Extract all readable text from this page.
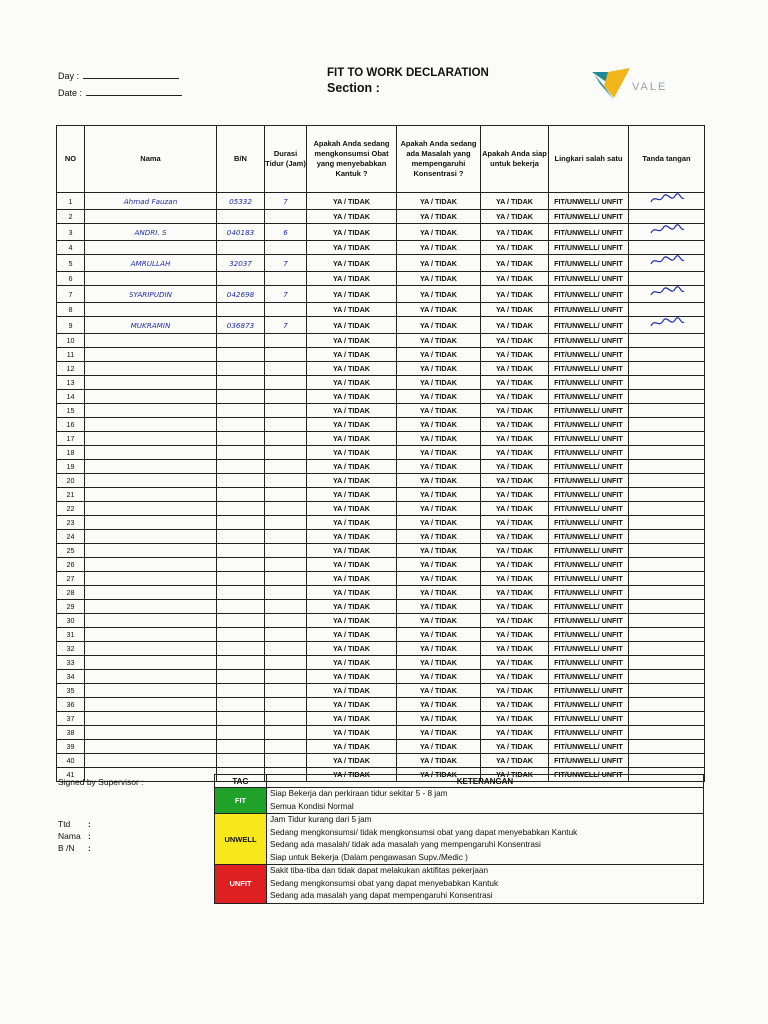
Day :
Date :
FIT TO WORK DECLARATION
Section :	VALE
NO	Nama	B/N	Durasi Tidur (Jam)	Apakah Anda sedang mengkonsumsi Obat yang menyebabkan Kantuk ?	Apakah Anda sedang ada Masalah yang mempengaruhi Konsentrasi ?	Apakah Anda siap untuk bekerja	Lingkari salah satu	Tanda tangan
1	Ahmad Fauzan	05332	7	YA / TIDAK	YA / TIDAK	YA / TIDAK	FIT/UNWELL/ UNFIT	
2				YA / TIDAK	YA / TIDAK	YA / TIDAK	FIT/UNWELL/ UNFIT	
3	ANDRI. S	040183	6	YA / TIDAK	YA / TIDAK	YA / TIDAK	FIT/UNWELL/ UNFIT	
4				YA / TIDAK	YA / TIDAK	YA / TIDAK	FIT/UNWELL/ UNFIT	
5	AMRULLAH	32037	7	YA / TIDAK	YA / TIDAK	YA / TIDAK	FIT/UNWELL/ UNFIT	
6				YA / TIDAK	YA / TIDAK	YA / TIDAK	FIT/UNWELL/ UNFIT	
7	SYARIPUDIN	042698	7	YA / TIDAK	YA / TIDAK	YA / TIDAK	FIT/UNWELL/ UNFIT	
8				YA / TIDAK	YA / TIDAK	YA / TIDAK	FIT/UNWELL/ UNFIT	
9	MUKRAMIN	036873	7	YA / TIDAK	YA / TIDAK	YA / TIDAK	FIT/UNWELL/ UNFIT	
10				YA / TIDAK	YA / TIDAK	YA / TIDAK	FIT/UNWELL/ UNFIT	
11				YA / TIDAK	YA / TIDAK	YA / TIDAK	FIT/UNWELL/ UNFIT	
12				YA / TIDAK	YA / TIDAK	YA / TIDAK	FIT/UNWELL/ UNFIT	
13				YA / TIDAK	YA / TIDAK	YA / TIDAK	FIT/UNWELL/ UNFIT	
14				YA / TIDAK	YA / TIDAK	YA / TIDAK	FIT/UNWELL/ UNFIT	
15				YA / TIDAK	YA / TIDAK	YA / TIDAK	FIT/UNWELL/ UNFIT	
16				YA / TIDAK	YA / TIDAK	YA / TIDAK	FIT/UNWELL/ UNFIT	
17				YA / TIDAK	YA / TIDAK	YA / TIDAK	FIT/UNWELL/ UNFIT	
18				YA / TIDAK	YA / TIDAK	YA / TIDAK	FIT/UNWELL/ UNFIT	
19				YA / TIDAK	YA / TIDAK	YA / TIDAK	FIT/UNWELL/ UNFIT	
20				YA / TIDAK	YA / TIDAK	YA / TIDAK	FIT/UNWELL/ UNFIT	
21				YA / TIDAK	YA / TIDAK	YA / TIDAK	FIT/UNWELL/ UNFIT	
22				YA / TIDAK	YA / TIDAK	YA / TIDAK	FIT/UNWELL/ UNFIT	
23				YA / TIDAK	YA / TIDAK	YA / TIDAK	FIT/UNWELL/ UNFIT	
24				YA / TIDAK	YA / TIDAK	YA / TIDAK	FIT/UNWELL/ UNFIT	
25				YA / TIDAK	YA / TIDAK	YA / TIDAK	FIT/UNWELL/ UNFIT	
26				YA / TIDAK	YA / TIDAK	YA / TIDAK	FIT/UNWELL/ UNFIT	
27				YA / TIDAK	YA / TIDAK	YA / TIDAK	FIT/UNWELL/ UNFIT	
28				YA / TIDAK	YA / TIDAK	YA / TIDAK	FIT/UNWELL/ UNFIT	
29				YA / TIDAK	YA / TIDAK	YA / TIDAK	FIT/UNWELL/ UNFIT	
30				YA / TIDAK	YA / TIDAK	YA / TIDAK	FIT/UNWELL/ UNFIT	
31				YA / TIDAK	YA / TIDAK	YA / TIDAK	FIT/UNWELL/ UNFIT	
32				YA / TIDAK	YA / TIDAK	YA / TIDAK	FIT/UNWELL/ UNFIT	
33				YA / TIDAK	YA / TIDAK	YA / TIDAK	FIT/UNWELL/ UNFIT	
34				YA / TIDAK	YA / TIDAK	YA / TIDAK	FIT/UNWELL/ UNFIT	
35				YA / TIDAK	YA / TIDAK	YA / TIDAK	FIT/UNWELL/ UNFIT	
36				YA / TIDAK	YA / TIDAK	YA / TIDAK	FIT/UNWELL/ UNFIT	
37				YA / TIDAK	YA / TIDAK	YA / TIDAK	FIT/UNWELL/ UNFIT	
38				YA / TIDAK	YA / TIDAK	YA / TIDAK	FIT/UNWELL/ UNFIT	
39				YA / TIDAK	YA / TIDAK	YA / TIDAK	FIT/UNWELL/ UNFIT	
40				YA / TIDAK	YA / TIDAK	YA / TIDAK	FIT/UNWELL/ UNFIT	
41				YA / TIDAK	YA / TIDAK	YA / TIDAK	FIT/UNWELL/ UNFIT	
Signed by Supervisor :
Ttd :
Nama :
B /N :
TAG	KETERANGAN
FIT	Siap Bekerja dan perkiraan tidur sekitar 5 - 8 jam
Semua Kondisi Normal

UNWELL	Jam Tidur kurang dari 5 jam
Sedang mengkonsumsi/ tidak mengkonsumsi obat yang dapat menyebabkan Kantuk
Sedang ada masalah/ tidak ada masalah yang mempengaruhi Konsentrasi
Siap untuk Bekerja (Dalam pengawasan Supv./Medic )

UNFIT	Sakit tiba-tiba dan tidak dapat melakukan aktifitas pekerjaan
Sedang mengkonsumsi obat yang dapat menyebabkan Kantuk
Sedang ada masalah yang dapat mempengaruhi Konsentrasi
